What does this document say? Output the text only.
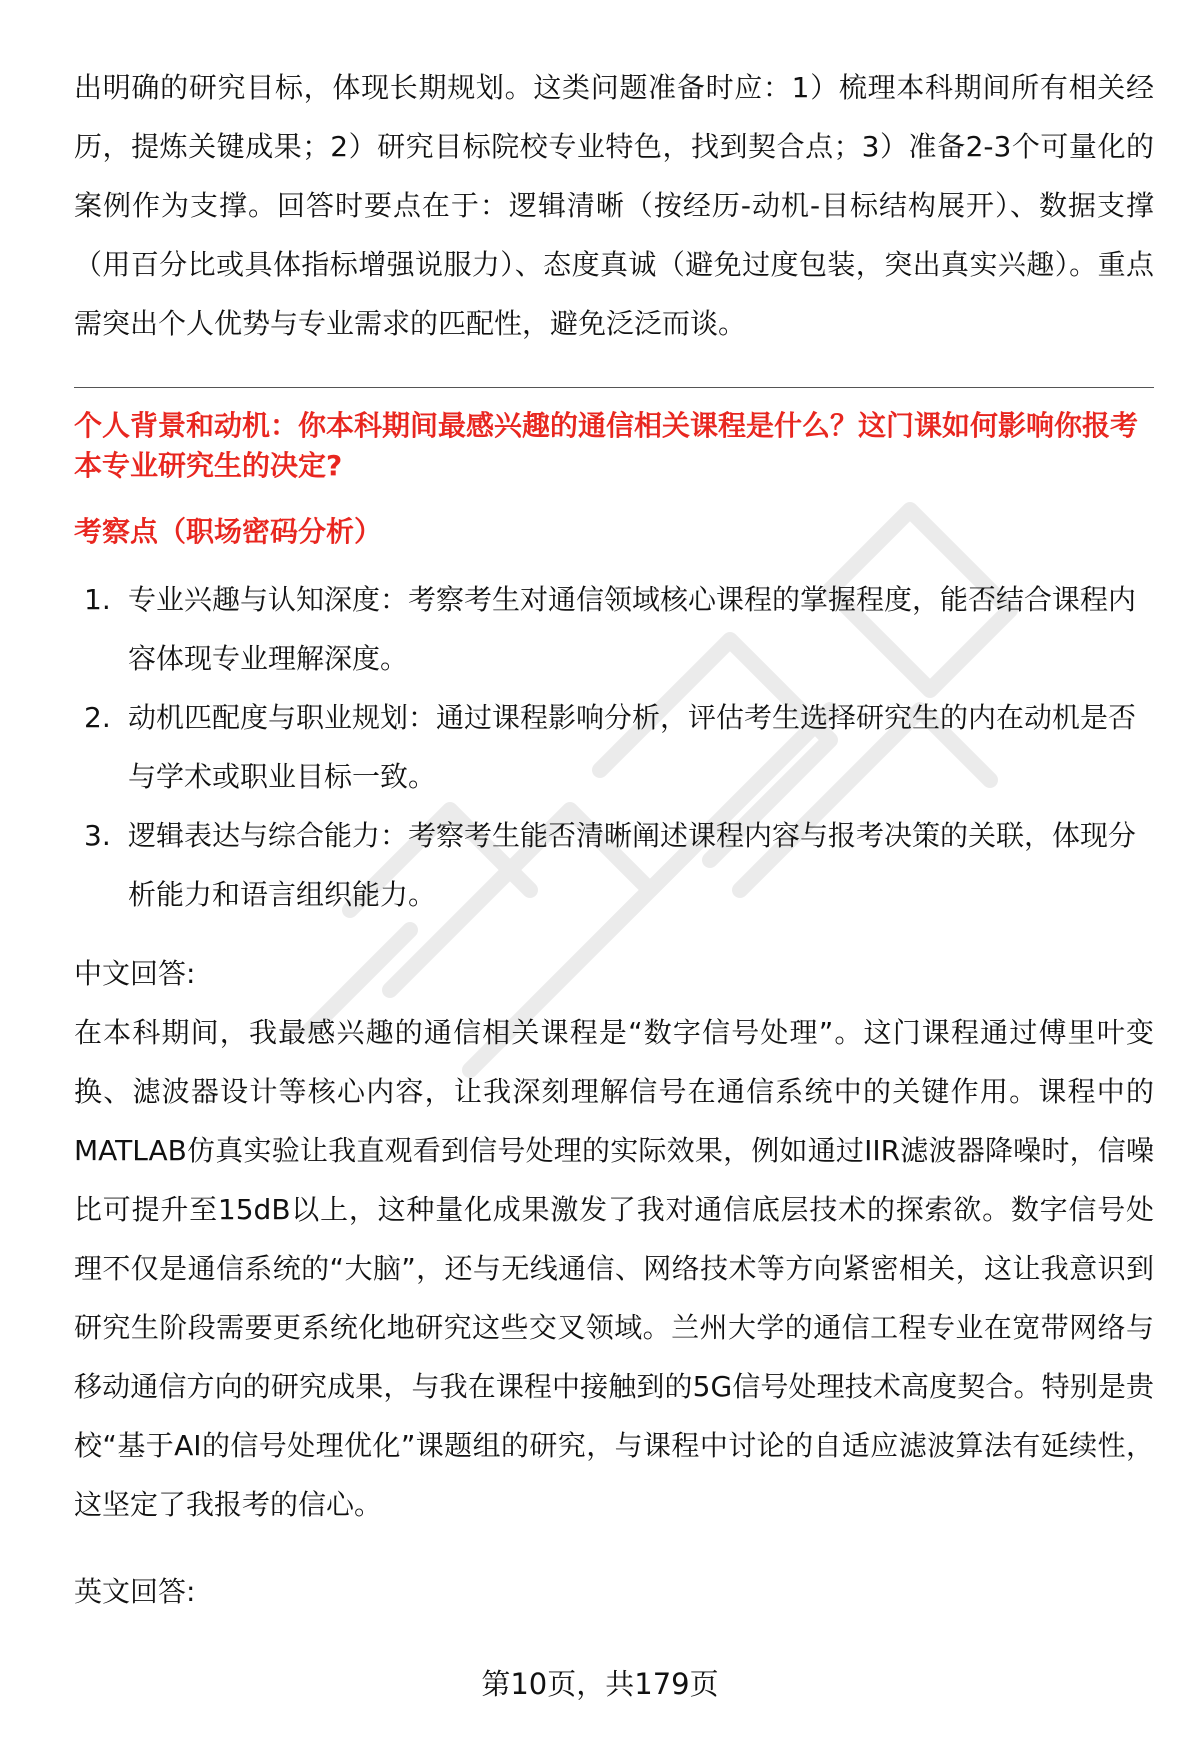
出明确的研究目标，体现长期规划。这类问题准备时应：1）梳理本科期间所有相关经历，提炼关键成果；2）研究目标院校专业特色，找到契合点；3）准备2-3个可量化的案例作为支撑。回答时要点在于：逻辑清晰（按经历-动机-目标结构展开）、数据支撑（用百分比或具体指标增强说服力）、态度真诚（避免过度包装，突出真实兴趣）。重点需突出个人优势与专业需求的匹配性，避免泛泛而谈。

个人背景和动机：你本科期间最感兴趣的通信相关课程是什么？这门课如何影响你报考本专业研究生的决定?

考察点（职场密码分析）

1. 专业兴趣与认知深度：考察考生对通信领域核心课程的掌握程度，能否结合课程内容体现专业理解深度。
2. 动机匹配度与职业规划：通过课程影响分析，评估考生选择研究生的内在动机是否与学术或职业目标一致。
3. 逻辑表达与综合能力：考察考生能否清晰阐述课程内容与报考决策的关联，体现分析能力和语言组织能力。

中文回答:

在本科期间，我最感兴趣的通信相关课程是“数字信号处理”。这门课程通过傅里叶变换、滤波器设计等核心内容，让我深刻理解信号在通信系统中的关键作用。课程中的MATLAB仿真实验让我直观看到信号处理的实际效果，例如通过IIR滤波器降噪时，信噪比可提升至15dB以上，这种量化成果激发了我对通信底层技术的探索欲。数字信号处理不仅是通信系统的“大脑”，还与无线通信、网络技术等方向紧密相关，这让我意识到研究生阶段需要更系统化地研究这些交叉领域。兰州大学的通信工程专业在宽带网络与移动通信方向的研究成果，与我在课程中接触到的5G信号处理技术高度契合。特别是贵校“基于AI的信号处理优化”课题组的研究，与课程中讨论的自适应滤波算法有延续性，这坚定了我报考的信心。

英文回答:

第10页，共179页
